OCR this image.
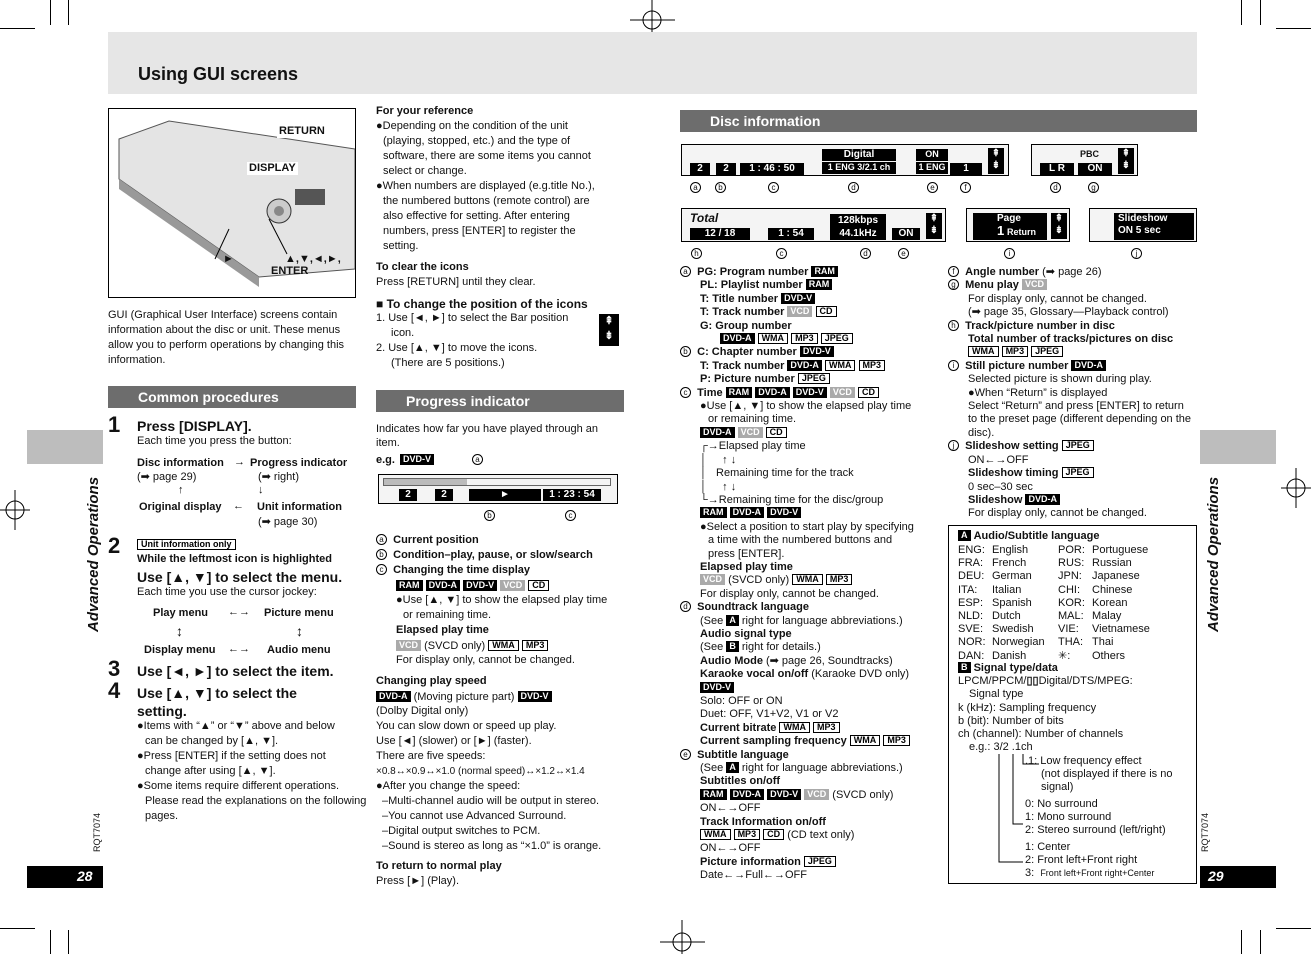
Using GUI screens
Advanced Operations	Advanced Operations
RQT7074	RQT7074
28	29
RETURN
DISPLAY
►	▲,▼,◄,►,
ENTER
GUI (Graphical User Interface) screens contain information about the disc or unit. These menus allow you to perform operations by changing this information.
Common procedures
1 Press [DISPLAY].
Each time you press the button:
Disc information → Progress indicator
(➡ page 29)	(➡ right)
↑	↓
Original display ← Unit information
(➡ page 30)
2	Unit information only
While the leftmost icon is highlighted
Use [▲, ▼] to select the menu.
Each time you use the cursor jockey:
Play menu ←→ Picture menu
↕	↕
Display menu ←→ Audio menu
3 Use [◄, ►] to select the item.
4 Use [▲, ▼] to select the
setting.
●Items with “▲” or “▼” above and below
can be changed by [▲, ▼].
●Press [ENTER] if the setting does not
change after using [▲, ▼].
●Some items require different operations.
Please read the explanations on the following
pages.
For your reference
●Depending on the condition of the unit
(playing, stopped, etc.) and the type of
software, there are some items you cannot
select or change.
●When numbers are displayed (e.g.title No.),
the numbered buttons (remote control) are
also effective for setting. After entering
numbers, press [ENTER] to register the
setting.
To clear the icons
Press [RETURN] until they clear.
■ To change the position of the icons
1. Use [◄, ►] to select the Bar position
icon.
2. Use [▲, ▼] to move the icons.
(There are 5 positions.)
⇞
⇟
Progress indicator
Indicates how far you have played through an
item.
e.g. DVD-V	a
2	2	►	1 : 23 : 54
b	c
a Current position
b Condition–play, pause, or slow/search
c Changing the time display
RAM DVD-A DVD-V VCD CD
●Use [▲, ▼] to show the elapsed play time
or remaining time.
Elapsed play time
VCD (SVCD only) WMA MP3
For display only, cannot be changed.
Changing play speed
DVD-A (Moving picture part) DVD-V
(Dolby Digital only)
You can slow down or speed up play.
Use [◄] (slower) or [►] (faster).
There are five speeds:
×0.8↔×0.9↔×1.0 (normal speed)↔×1.2↔×1.4
●After you change the speed:
–Multi-channel audio will be output in stereo.
–You cannot use Advanced Surround.
–Digital output switches to PCM.
–Sound is stereo as long as “×1.0” is orange.
To return to normal play
Press [►] (Play).
Disc information
2	2	1 : 46 : 50
Digital
1 ENG 3/2.1 ch
ON
1 ENG	1
⇞
⇟	L R
PBC
ON
⇞
⇟
a	b	c	d	e	f	d	g
Total
12 / 18	1 : 54
128kbps
44.1kHz	ON
⇞
⇟
Page
1 Return
⇞
⇟
Slideshow
ON 5 sec
h	c	d	e	i	j
a PG: Program number RAM
PL: Playlist number RAM
T: Title number DVD-V
T: Track number VCD CD
G: Group number
DVD-A WMA MP3 JPEG
b C: Chapter number DVD-V
T: Track number DVD-A WMA MP3
P: Picture number JPEG
c Time RAM DVD-A DVD-V VCD CD
●Use [▲, ▼] to show the elapsed play time
or remaining time.
DVD-A VCD CD
┌→Elapsed play time
│     ↑ ↓
│   Remaining time for the track
│     ↑ ↓
└→Remaining time for the disc/group
RAM DVD-A DVD-V
●Select a position to start play by specifying
a time with the numbered buttons and
press [ENTER].
Elapsed play time
VCD (SVCD only) WMA MP3
For display only, cannot be changed.
d Soundtrack language
(See A right for language abbreviations.)
Audio signal type
(See B right for details.)
Audio Mode (➡ page 26, Soundtracks)
Karaoke vocal on/off (Karaoke DVD only)
DVD-V
Solo: OFF or ON
Duet: OFF, V1+V2, V1 or V2
Current bitrate WMA MP3
Current sampling frequency WMA MP3
e Subtitle language
(See A right for language abbreviations.)
Subtitles on/off
RAM DVD-A DVD-V VCD (SVCD only)
ON←→OFF
Track Information on/off
WMA MP3 CD (CD text only)
ON←→OFF
Picture information JPEG
Date←→Full←→OFF
f Angle number (➡ page 26)
g Menu play VCD
For display only, cannot be changed.
(➡ page 35, Glossary—Playback control)
h Track/picture number in disc
Total number of tracks/pictures on disc
WMA MP3 JPEG
i Still picture number DVD-A
Selected picture is shown during play.
●When “Return” is displayed
Select “Return” and press [ENTER] to return
to the preset page (different depending on the
disc).
j Slideshow setting JPEG
ON←→OFF
Slideshow timing JPEG
0 sec–30 sec
Slideshow DVD-A
For display only, cannot be changed.
A Audio/Subtitle language
ENG: English	POR: Portuguese
FRA: French	RUS: Russian
DEU: German JPN: Japanese
ITA: Italian	CHI: Chinese
ESP: Spanish KOR: Korean
NLD: Dutch	MAL: Malay
SVE: Swedish VIE: Vietnamese
NOR: Norwegian THA: Thai
DAN: Danish	✳: Others
B Signal type/data
LPCM/PPCM/▯▯Digital/DTS/MPEG:
Signal type
k (kHz): Sampling frequency
b (bit): Number of bits
ch (channel): Number of channels
e.g.: 3/2 .1ch
.1: Low frequency effect
(not displayed if there is no
signal)
0: No surround
1: Mono surround
2: Stereo surround (left/right)
1: Center
2: Front left+Front right
3: Front left+Front right+Center
